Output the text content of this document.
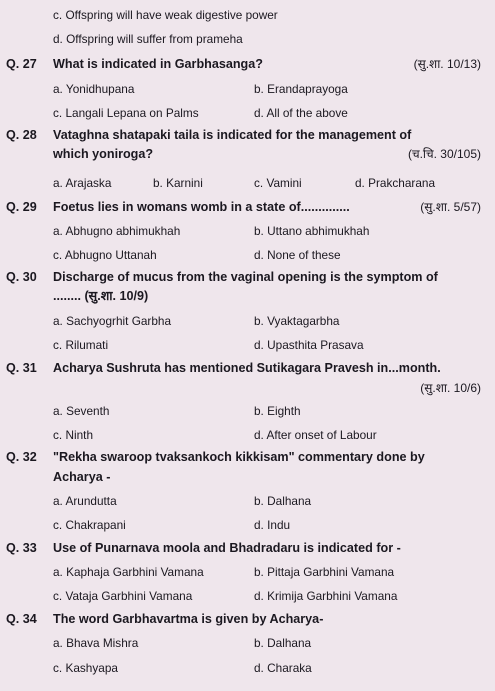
c. Offspring will have weak digestive power
d. Offspring will suffer from prameha
Q. 27 What is indicated in Garbhasanga?	(सु.शा. 10/13)
a. Yonidhupana	b. Erandaprayoga
c. Langali Lepana on Palms	d. All of the above
Q. 28 Vataghna shatapaki taila is indicated for the management of
which yoniroga?	(च.चि. 30/105)
a. Arajaska	b. Karnini	c. Vamini	d. Prakcharana
Q. 29 Foetus lies in womans womb in a state of..............	(सु.शा. 5/57)
a. Abhugno abhimukhah	b. Uttano abhimukhah
c. Abhugno Uttanah	d. None of these
Q. 30 Discharge of mucus from the vaginal opening is the symptom of
........ (सु.शा. 10/9)
a. Sachyogrhit Garbha	b. Vyaktagarbha
c. Rilumati	d. Upasthita Prasava
Q. 31 Acharya Sushruta has mentioned Sutikagara Pravesh in...month.
(सु.शा. 10/6)
a. Seventh	b. Eighth
c. Ninth	d. After onset of Labour
Q. 32 "Rekha swaroop tvaksankoch kikkisam" commentary done by
Acharya -
a. Arundutta	b. Dalhana
c. Chakrapani	d. Indu
Q. 33 Use of Punarnava moola and Bhadradaru is indicated for -
a. Kaphaja Garbhini Vamana	b. Pittaja Garbhini Vamana
c. Vataja Garbhini Vamana	d. Krimija Garbhini Vamana
Q. 34 The word Garbhavartma is given by Acharya-
a. Bhava Mishra	b. Dalhana
c. Kashyapa	d. Charaka
